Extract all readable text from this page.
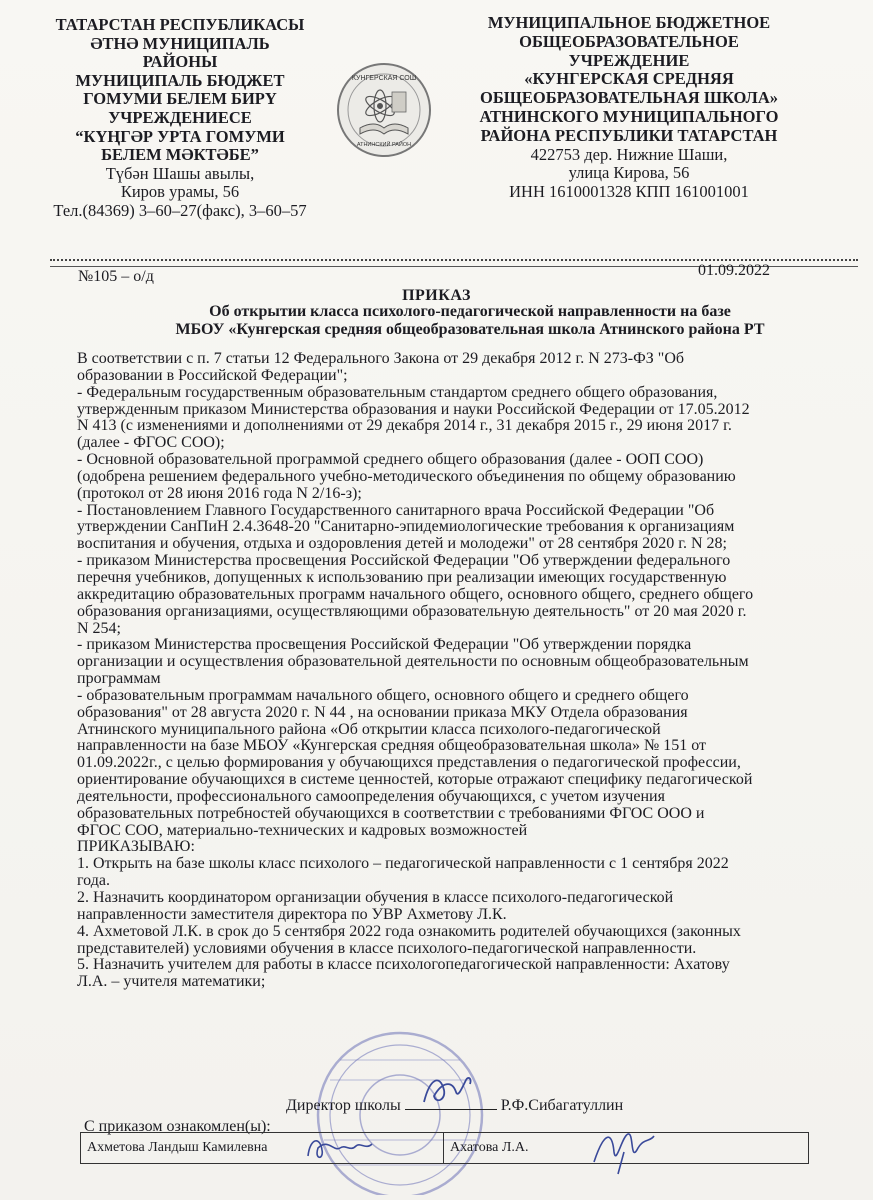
ТАТАРСТАН РЕСПУБЛИКАСЫ
ӘТНӘ МУНИЦИПАЛЬ
РАЙОНЫ
МУНИЦИПАЛЬ БЮДЖЕТ
ГОМУМИ БЕЛЕМ БИРҮ
УЧРЕЖДЕНИЕСЕ
“КҮҢГӘР УРТА ГОМУМИ
БЕЛЕМ МӘКТӘБЕ”
Түбән Шашы авылы,
Киров урамы, 56
Тел.(84369) 3–60–27(факс), 3–60–57
КУНГЕРСКАЯ СОШ
АТНИНСКИЙ РАЙОН
МУНИЦИПАЛЬНОЕ БЮДЖЕТНОЕ
ОБЩЕОБРАЗОВАТЕЛЬНОЕ
УЧРЕЖДЕНИЕ
«КУНГЕРСКАЯ СРЕДНЯЯ
ОБЩЕОБРАЗОВАТЕЛЬНАЯ ШКОЛА»
АТНИНСКОГО МУНИЦИПАЛЬНОГО
РАЙОНА РЕСПУБЛИКИ ТАТАРСТАН
422753 дер. Нижние Шаши,
улица Кирова, 56
ИНН 1610001328 КПП 161001001
№105 – о/д	01.09.2022
ПРИКАЗ
Об открытии класса психолого-педагогической направленности на базе
МБОУ «Кунгерская средняя общеобразовательная школа Атнинского района РТ
В соответствии с п. 7 статьи 12 Федерального Закона от 29 декабря 2012 г. N 273-ФЗ "Об
образовании в Российской Федерации";
- Федеральным государственным образовательным стандартом среднего общего образования,
утвержденным приказом Министерства образования и науки Российской Федерации от 17.05.2012
N 413 (с изменениями и дополнениями от 29 декабря 2014 г., 31 декабря 2015 г., 29 июня 2017 г.
(далее - ФГОС СОО);
- Основной образовательной программой среднего общего образования (далее - ООП СОО)
(одобрена решением федерального учебно-методического объединения по общему образованию
(протокол от 28 июня 2016 года N 2/16-з);
- Постановлением Главного Государственного санитарного врача Российской Федерации "Об
утверждении СанПиН 2.4.3648-20 "Санитарно-эпидемиологические требования к организациям
воспитания и обучения, отдыха и оздоровления детей и молодежи" от 28 сентября 2020 г. N 28;
- приказом Министерства просвещения Российской Федерации "Об утверждении федерального
перечня учебников, допущенных к использованию при реализации имеющих государственную
аккредитацию образовательных программ начального общего, основного общего, среднего общего
образования организациями, осуществляющими образовательную деятельность" от 20 мая 2020 г.
N 254;
- приказом Министерства просвещения Российской Федерации "Об утверждении порядка
организации и осуществления образовательной деятельности по основным общеобразовательным
программам
- образовательным программам начального общего, основного общего и среднего общего
образования" от 28 августа 2020 г. N 44 , на основании приказа МКУ Отдела образования
Атнинского муниципального района «Об открытии класса психолого-педагогической
направленности на базе МБОУ «Кунгерская средняя общеобразовательная школа» № 151 от
01.09.2022г., с целью формирования у обучающихся представления о педагогической профессии,
ориентирование обучающихся в системе ценностей, которые отражают специфику педагогической
деятельности, профессионального самоопределения обучающихся, с учетом изучения
образовательных потребностей обучающихся в соответствии с требованиями ФГОС ООО и
ФГОС СОО, материально-технических и кадровых возможностей
ПРИКАЗЫВАЮ:
1. Открыть на базе школы класс психолого – педагогической направленности с 1 сентября 2022
года.
2. Назначить координатором организации обучения в классе психолого-педагогической
направленности заместителя директора по УВР Ахметову Л.К.
4. Ахметовой Л.К. в срок до 5 сентября 2022 года ознакомить родителей обучающихся (законных
представителей) условиями обучения в классе психолого-педагогической направленности.
5. Назначить учителем для работы в классе психологопедагогической направленности: Ахатову
Л.А. – учителя математики;
Директор школы	Р.Ф.Сибагатуллин
С приказом ознакомлен(ы):
Ахметова Ландыш Камилевна	Ахатова Л.А.
